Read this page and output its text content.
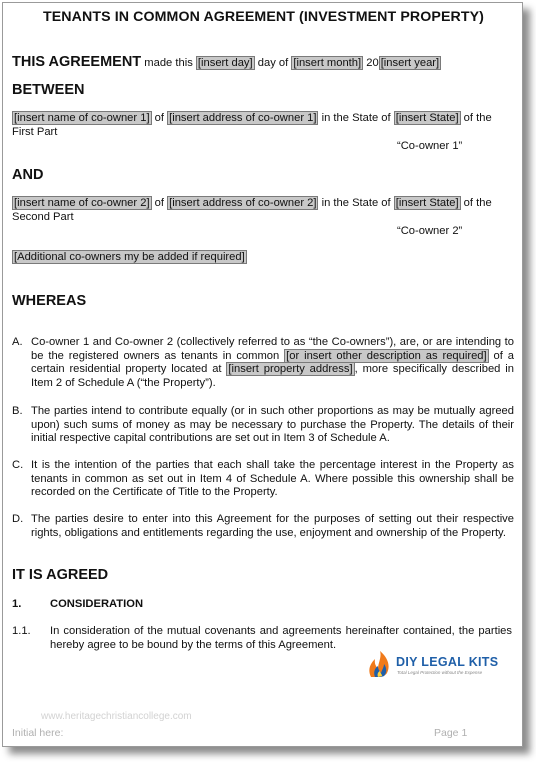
TENANTS IN COMMON AGREEMENT (INVESTMENT PROPERTY)
THIS AGREEMENT made this [insert day] day of [insert month] 20 [insert year]
BETWEEN
[insert name of co-owner 1] of [insert address of co-owner 1] in the State of [insert State] of the
First Part
“Co-owner 1”
AND
[insert name of co-owner 2] of [insert address of co-owner 2] in the State of [insert State] of the
Second Part
“Co-owner 2”
[Additional co-owners my be added if required]
WHEREAS
A. Co-owner 1 and Co-owner 2 (collectively referred to as “the Co-owners”), are, or are intending to be the registered owners as tenants in common [or insert other description as required] of a certain residential property located at [insert property address] , more specifically described in Item 2 of Schedule A (“the Property”).
B. The parties intend to contribute equally (or in such other proportions as may be mutually agreed upon) such sums of money as may be necessary to purchase the Property. The details of their initial respective capital contributions are set out in Item 3 of Schedule A.
C. It is the intention of the parties that each shall take the percentage interest in the Property as tenants in common as set out in Item 4 of Schedule A. Where possible this ownership shall be recorded on the Certificate of Title to the Property.
D. The parties desire to enter into this Agreement for the purposes of setting out their respective rights, obligations and entitlements regarding the use, enjoyment and ownership of the Property.
IT IS AGREED
1.	CONSIDERATION
1.1. In consideration of the mutual covenants and agreements hereinafter contained, the parties hereby agree to be bound by the terms of this Agreement.
DIY LEGAL KITS
Total Legal Protection without the Expense
www.heritagechristiancollege.com
Initial here:	Page 1
